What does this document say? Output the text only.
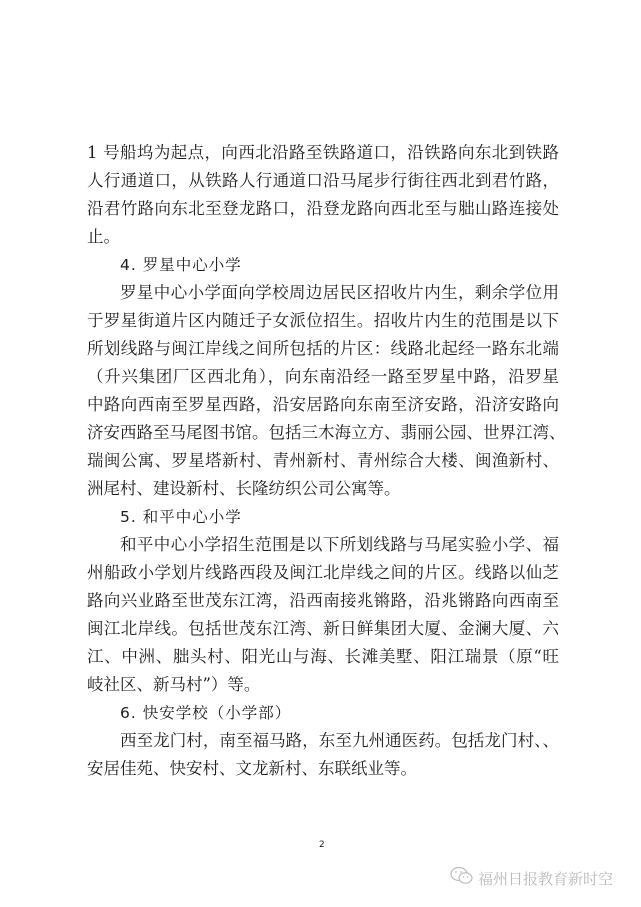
1 号船坞为起点，向西北沿路至铁路道口，沿铁路向东北到铁路
人行通道口，从铁路人行通道口沿马尾步行街往西北到君竹路，
沿君竹路向东北至登龙路口，沿登龙路向西北至与胐山路连接处
止。
4. 罗星中心小学
罗星中心小学面向学校周边居民区招收片内生，剩余学位用
于罗星街道片区内随迁子女派位招生。招收片内生的范围是以下
所划线路与闽江岸线之间所包括的片区：线路北起经一路东北端
（升兴集团厂区西北角），向东南沿经一路至罗星中路，沿罗星
中路向西南至罗星西路，沿安居路向东南至济安路，沿济安路向
济安西路至马尾图书馆。包括三木海立方、翡丽公园、世界江湾、
瑞闽公寓、罗星塔新村、青州新村、青州综合大楼、闽渔新村、
洲尾村、建设新村、长隆纺织公司公寓等。
5. 和平中心小学
和平中心小学招生范围是以下所划线路与马尾实验小学、福
州船政小学划片线路西段及闽江北岸线之间的片区。线路以仙芝
路向兴业路至世茂东江湾，沿西南接兆锵路，沿兆锵路向西南至
闽江北岸线。包括世茂东江湾、新日鲜集团大厦、金澜大厦、六
江、中洲、胐头村、阳光山与海、长滩美墅、阳江瑞景（原“旺
岐社区、新马村”）等。
6. 快安学校（小学部）
西至龙门村，南至福马路，东至九州通医药。包括龙门村、、
安居佳苑、快安村、文龙新村、东联纸业等。
2
福州日报教育新时空
